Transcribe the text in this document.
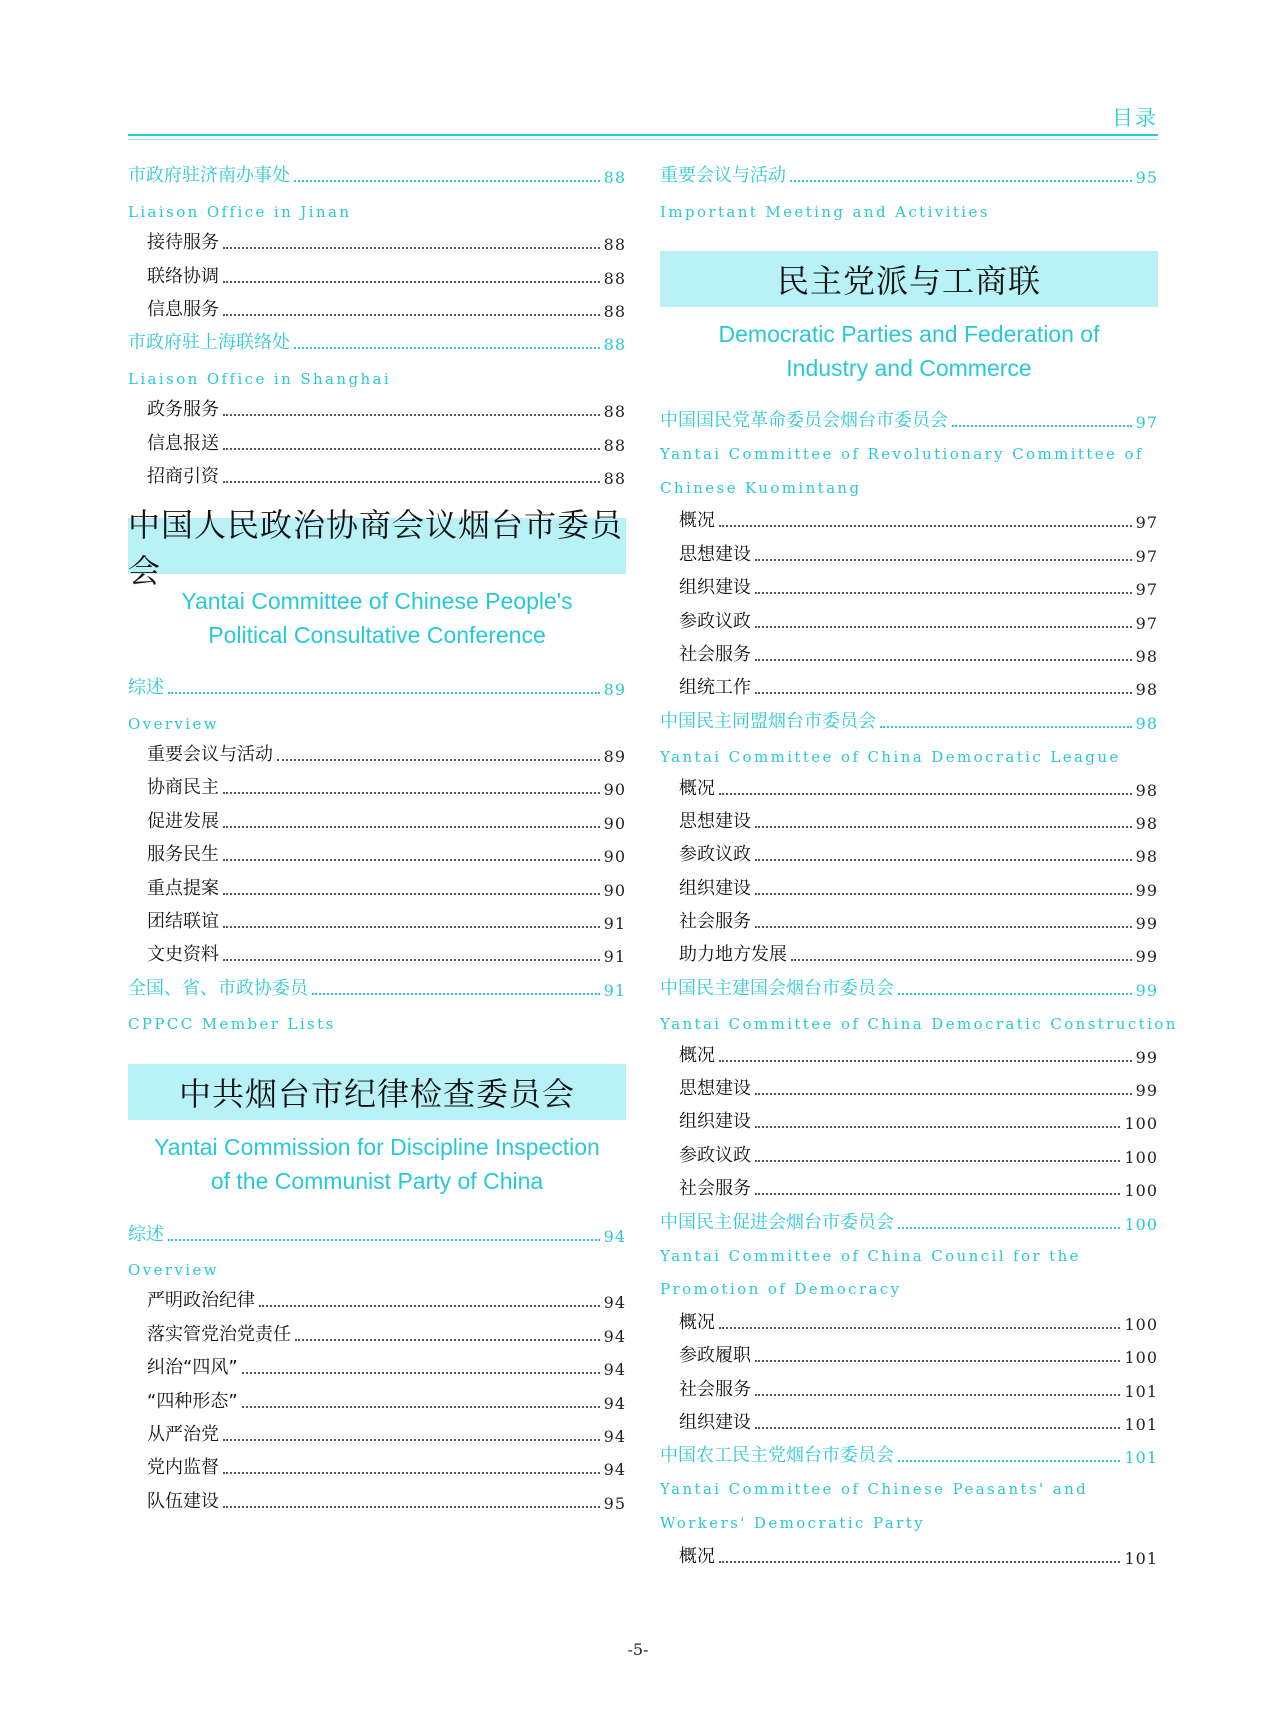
目录
市政府驻济南办事处	88
Liaison Office in Jinan
接待服务	88
联络协调	88
信息服务	88
市政府驻上海联络处	88
Liaison Office in Shanghai
政务服务	88
信息报送	88
招商引资	88
中国人民政治协商会议烟台市委员会
Yantai Committee of Chinese People's
Political Consultative Conference
综述	89
Overview
重要会议与活动	89
协商民主	90
促进发展	90
服务民生	90
重点提案	90
团结联谊	91
文史资料	91
全国、省、市政协委员	91
CPPCC Member Lists
中共烟台市纪律检查委员会
Yantai Commission for Discipline Inspection
of the Communist Party of China
综述	94
Overview
严明政治纪律	94
落实管党治党责任	94
纠治“四风”	94
“四种形态”	94
从严治党	94
党内监督	94
队伍建设	95
重要会议与活动	95
Important Meeting and Activities
民主党派与工商联
Democratic Parties and Federation of
Industry and Commerce
中国国民党革命委员会烟台市委员会	97
Yantai Committee of Revolutionary Committee of Chinese Kuomintang
概况	97
思想建设	97
组织建设	97
参政议政	97
社会服务	98
组统工作	98
中国民主同盟烟台市委员会	98
Yantai Committee of China Democratic League
概况	98
思想建设	98
参政议政	98
组织建设	99
社会服务	99
助力地方发展	99
中国民主建国会烟台市委员会	99
Yantai Committee of China Democratic Construction
概况	99
思想建设	99
组织建设	100
参政议政	100
社会服务	100
中国民主促进会烟台市委员会	100
Yantai Committee of China Council for the Promotion of Democracy
概况	100
参政履职	100
社会服务	101
组织建设	101
中国农工民主党烟台市委员会	101
Yantai Committee of Chinese Peasants' and Workers' Democratic Party
概况	101
-5-
